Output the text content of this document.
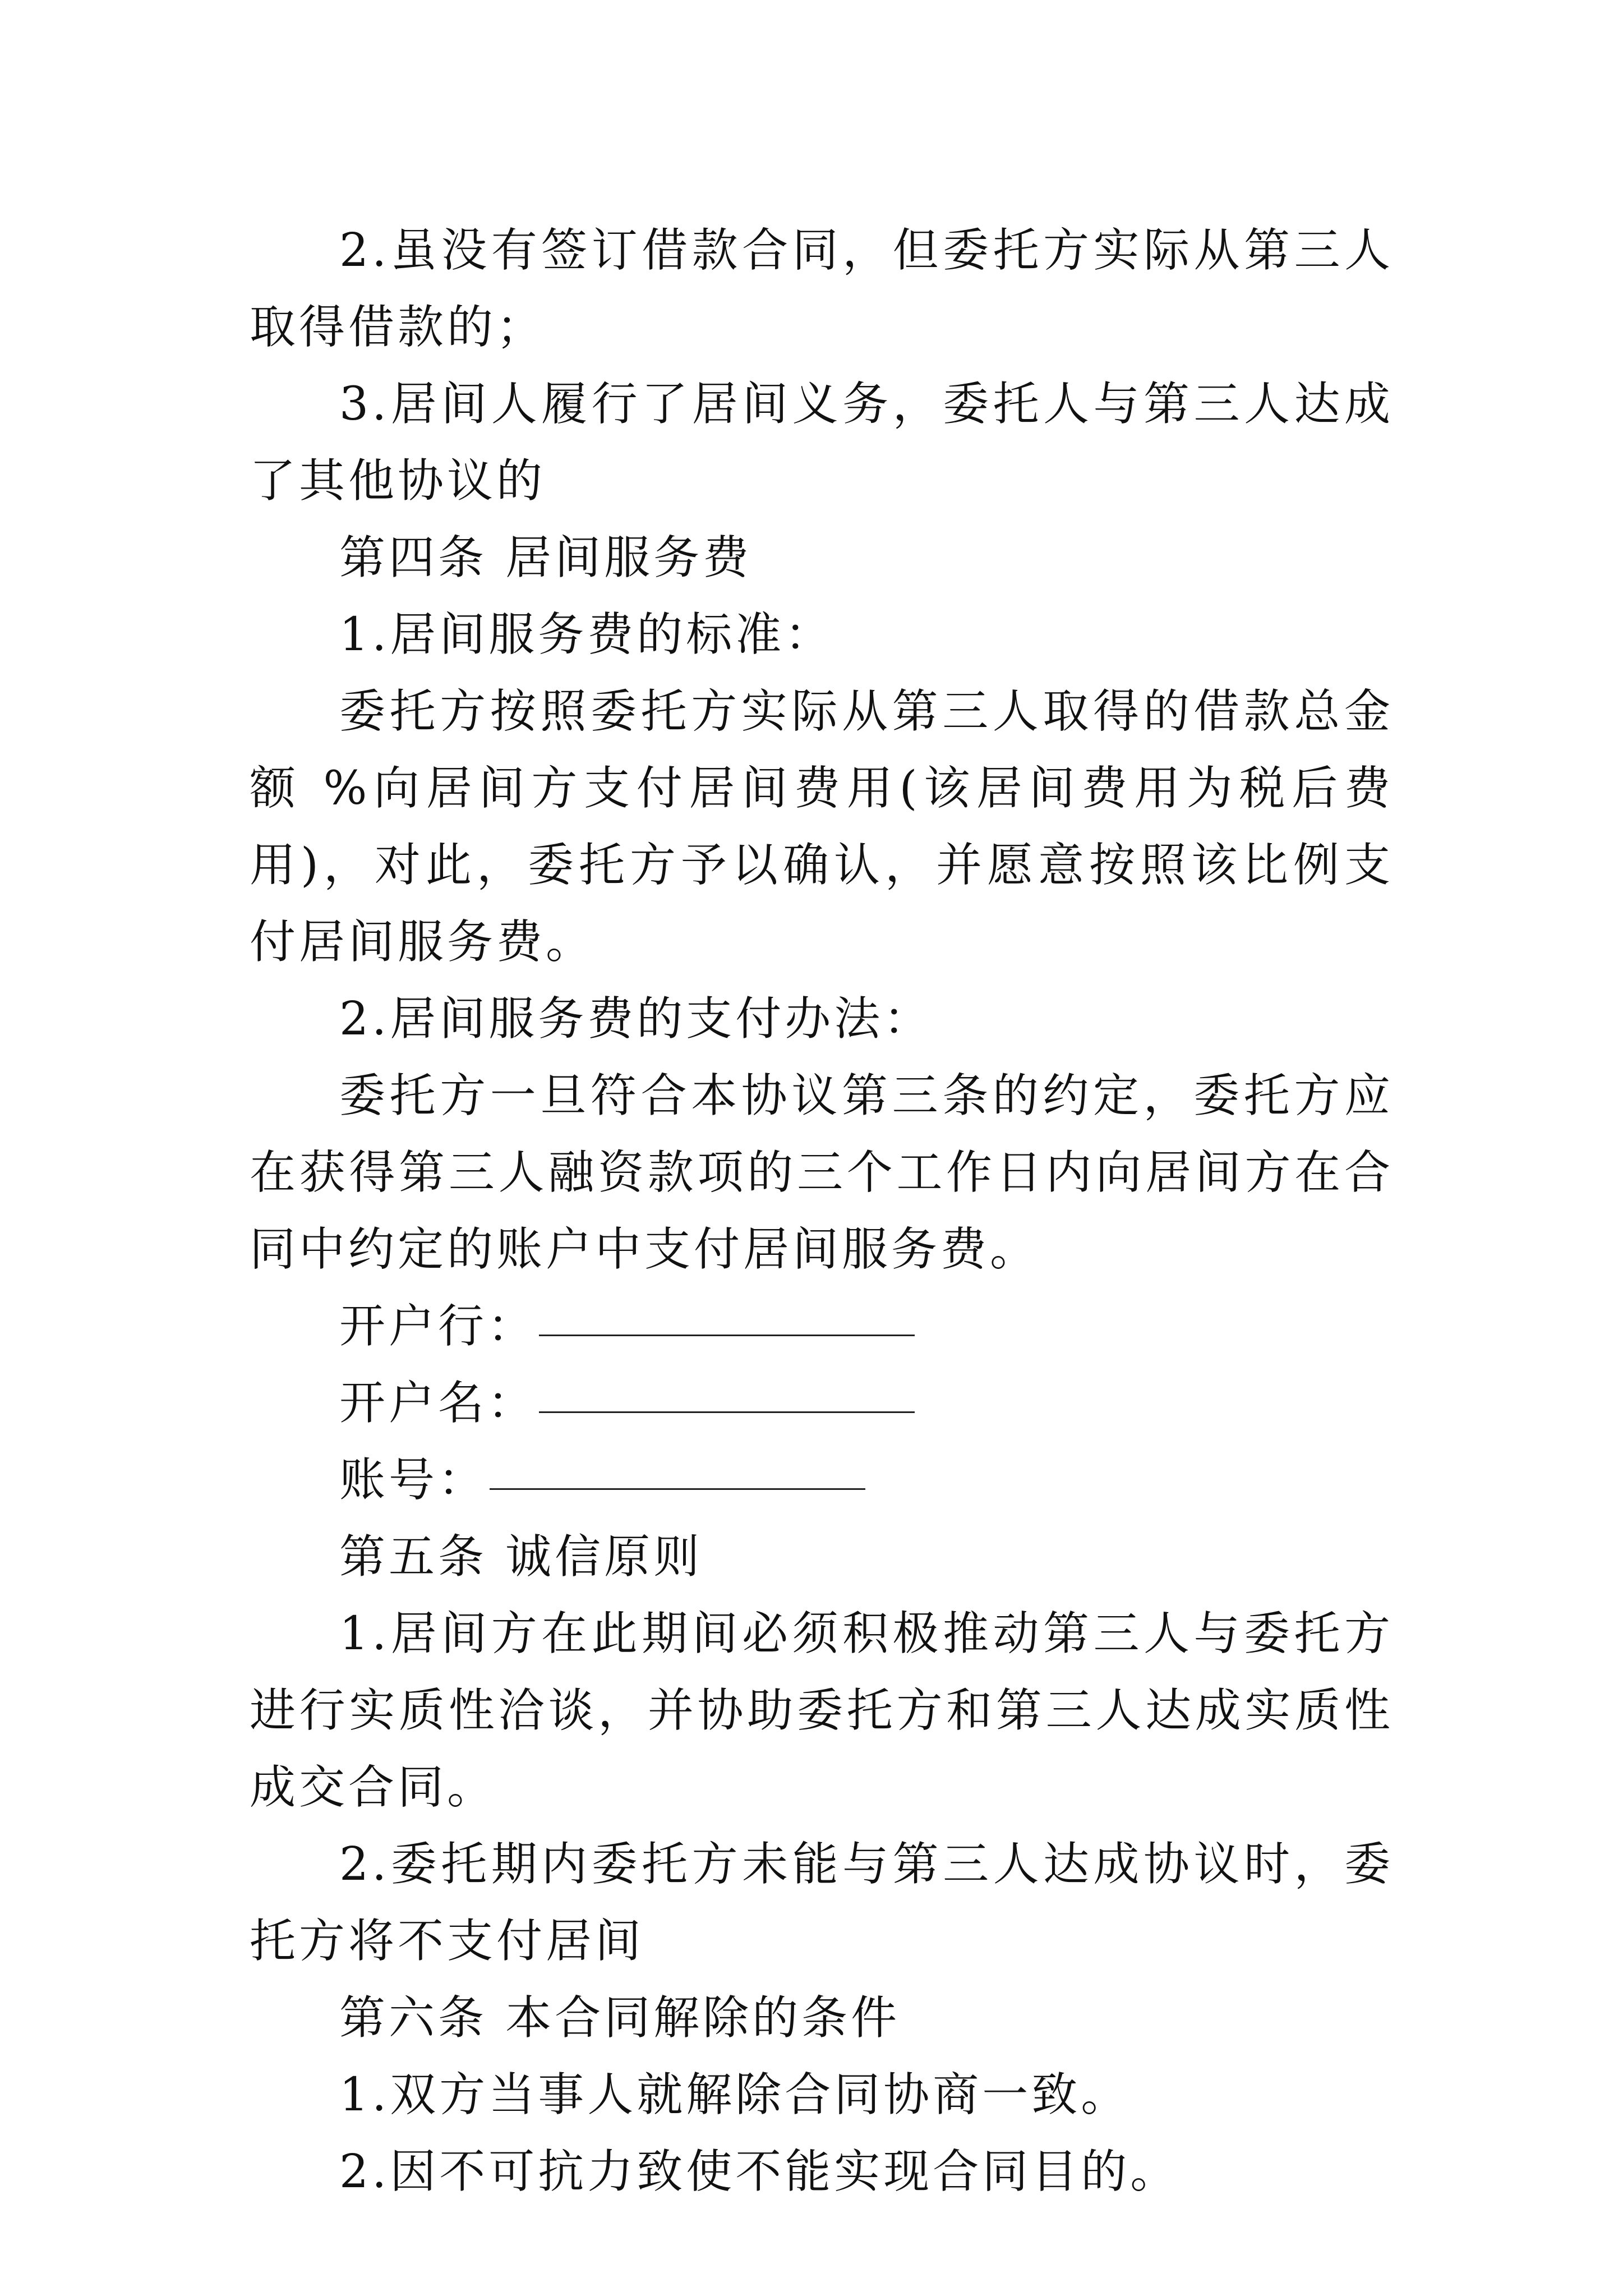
2.虽没有签订借款合同，但委托方实际从第三人取得借款的；

3.居间人履行了居间义务，委托人与第三人达成了其他协议的

第四条 居间服务费

1.居间服务费的标准：

委托方按照委托方实际从第三人取得的借款总金额 %向居间方支付居间费用(该居间费用为税后费用)，对此，委托方予以确认，并愿意按照该比例支付居间服务费。

2.居间服务费的支付办法：

委托方一旦符合本协议第三条的约定，委托方应在获得第三人融资款项的三个工作日内向居间方在合同中约定的账户中支付居间服务费。

开户行：
开户名：
账号：

第五条 诚信原则

1.居间方在此期间必须积极推动第三人与委托方进行实质性洽谈，并协助委托方和第三人达成实质性成交合同。

2.委托期内委托方未能与第三人达成协议时，委托方将不支付居间

第六条 本合同解除的条件

1.双方当事人就解除合同协商一致。

2.因不可抗力致使不能实现合同目的。
